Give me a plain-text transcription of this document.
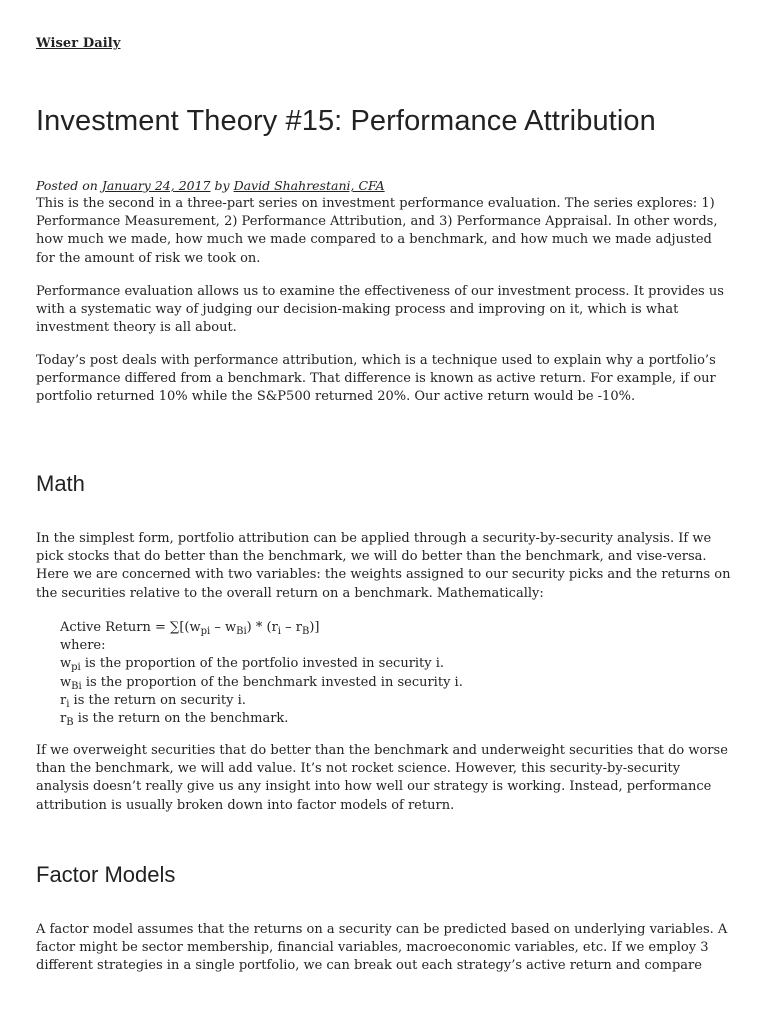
Wiser Daily
Investment Theory #15: Performance Attribution
Posted on January 24, 2017 by David Shahrestani, CFA

This is the second in a three-part series on investment performance evaluation. The series explores: 1) Performance Measurement, 2) Performance Attribution, and 3) Performance Appraisal. In other words, how much we made, how much we made compared to a benchmark, and how much we made adjusted for the amount of risk we took on.

Performance evaluation allows us to examine the effectiveness of our investment process. It provides us with a systematic way of judging our decision-making process and improving on it, which is what investment theory is all about.

Today’s post deals with performance attribution, which is a technique used to explain why a portfolio’s performance differed from a benchmark. That difference is known as active return. For example, if our portfolio returned 10% while the S&P500 returned 20%. Our active return would be -10%.

Math

In the simplest form, portfolio attribution can be applied through a security-by-security analysis. If we pick stocks that do better than the benchmark, we will do better than the benchmark, and vise-versa. Here we are concerned with two variables: the weights assigned to our security picks and the returns on the securities relative to the overall return on a benchmark. Mathematically:

Active Return = $\sum[(w_{pi} - w_{Bi}) * (r_i - r_B)]$
where:
$w_{pi}$ is the proportion of the portfolio invested in security i.
$w_{Bi}$ is the proportion of the benchmark invested in security i.
$r_i$ is the return on security i.
$r_B$ is the return on the benchmark.

If we overweight securities that do better than the benchmark and underweight securities that do worse than the benchmark, we will add value. It’s not rocket science. However, this security-by-security analysis doesn’t really give us any insight into how well our strategy is working. Instead, performance attribution is usually broken down into factor models of return.

Factor Models

A factor model assumes that the returns on a security can be predicted based on underlying variables. A factor might be sector membership, financial variables, macroeconomic variables, etc. If we employ 3 different strategies in a single portfolio, we can break out each strategy’s active return and compare
